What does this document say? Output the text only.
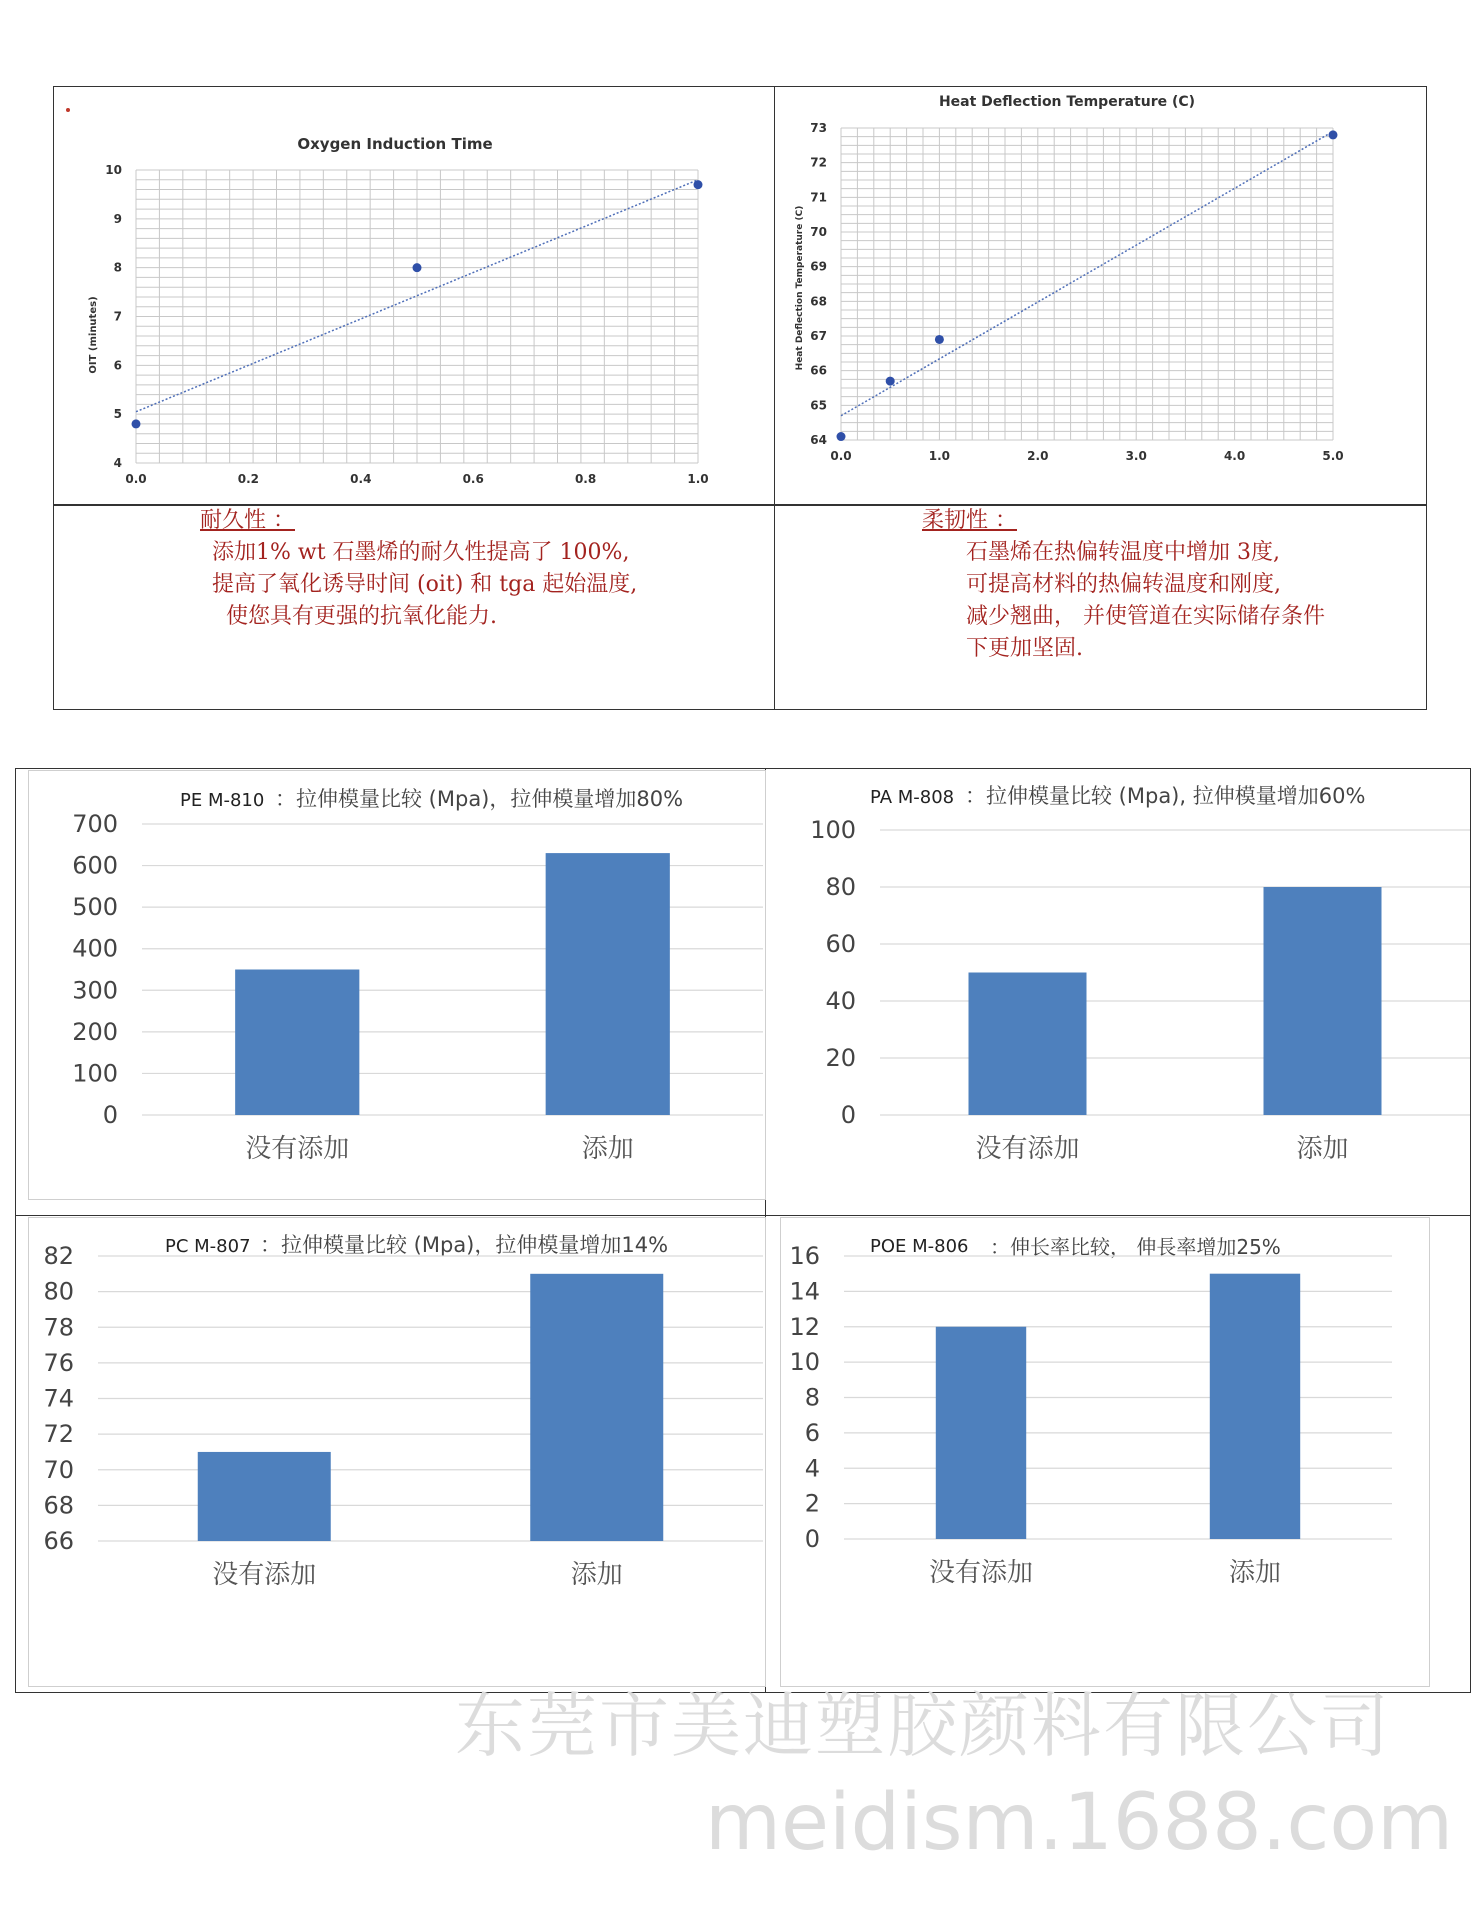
Oxygen Induction Time
OIT (minutes)
0.0	0.2	0.4	0.6	0.8	1.0
4
5
6
7
8
9
10
Heat Deflection Temperature (C)
Heat Deflection Temperature (C)
0.0	1.0	2.0	3.0	4.0	5.0
64
65
66
67
68
69
70
71
72
73
耐久性 ：
添加1% wt 石墨烯的耐久性提高了 100%,
提高了氧化诱导时间 (oit) 和 tga 起始温度,
使您具有更强的抗氧化能力.
柔韧性 ：
石墨烯在热偏转温度中增加 3度,
可提高材料的热偏转温度和刚度,
减少翘曲， 并使管道在实际储存条件
下更加坚固.
PE M-810 ：拉伸模量比较 (Mpa)，拉伸模量增加80%
0
100
200
300
400
500
600
700
没有添加	添加
PA M-808 ：拉伸模量比较 (Mpa), 拉伸模量增加60%
0
20
40
60
80
100
没有添加	添加
PC M-807 ：拉伸模量比较 (Mpa)，拉伸模量增加14%
66
68
70
72
74
76
78
80
82
没有添加	添加
POE M-806 ：伸长率比较， 伸長率增加25%
0
2
4
6
8
10
12
14
16
没有添加	添加
东莞市美迪塑胶颜料有限公司
meidism.1688.com
